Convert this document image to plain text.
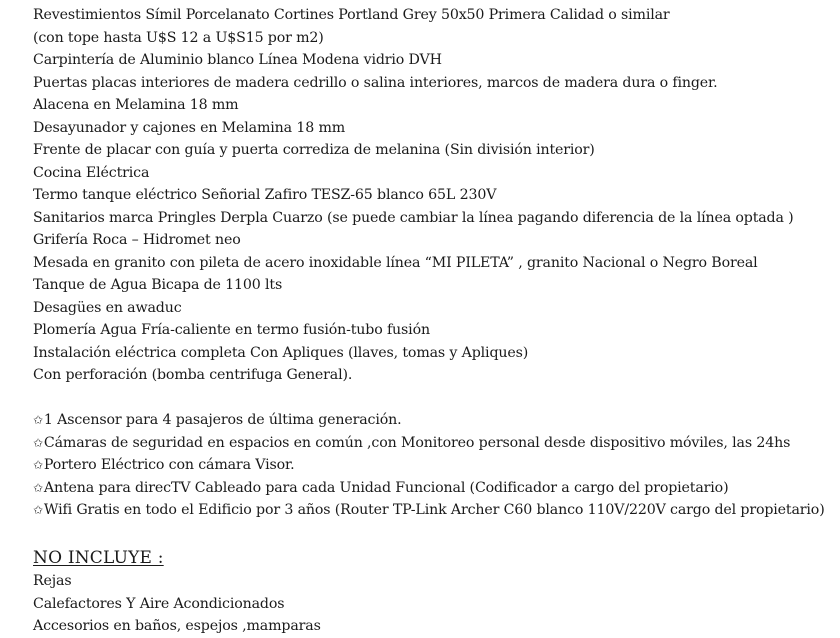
Revestimientos Símil Porcelanato Cortines Portland Grey 50x50 Primera Calidad o similar
(con tope hasta U$S 12 a U$S15 por m2)
Carpintería de Aluminio blanco Línea Modena vidrio DVH
Puertas placas interiores de madera cedrillo o salina interiores, marcos de madera dura o finger.
Alacena en Melamina 18 mm
Desayunador y cajones en Melamina 18 mm
Frente de placar con guía y puerta corrediza de melanina (Sin división interior)
Cocina Eléctrica
Termo tanque eléctrico Señorial Zafiro TESZ-65 blanco 65L 230V
Sanitarios marca Pringles Derpla Cuarzo (se puede cambiar la línea pagando diferencia de la línea optada )
Grifería Roca – Hidromet neo
Mesada en granito con pileta de acero inoxidable línea “MI PILETA” , granito Nacional o Negro Boreal
Tanque de Agua Bicapa de 1100 lts
Desagües en awaduc
Plomería Agua Fría-caliente en termo fusión-tubo fusión
Instalación eléctrica completa Con Apliques (llaves, tomas y Apliques)
Con perforación (bomba centrifuga General).
✩1 Ascensor para 4 pasajeros de última generación.
✩Cámaras de seguridad en espacios en común ,con Monitoreo personal desde dispositivo móviles, las 24hs
✩Portero Eléctrico con cámara Visor.
✩Antena para direcTV Cableado para cada Unidad Funcional (Codificador a cargo del propietario)
✩Wifi Gratis en todo el Edificio por 3 años (Router TP-Link Archer C60 blanco 110V/220V cargo del propietario)
NO INCLUYE :
Rejas
Calefactores Y Aire Acondicionados
Accesorios en baños, espejos ,mamparas
